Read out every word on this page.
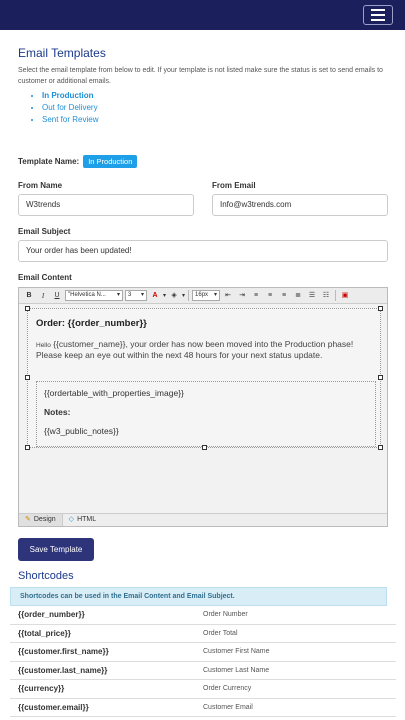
Email Templates
Select the email template from below to edit. If your template is not listed make sure the status is set to send emails to customer or additional emails.
• In Production
• Out for Delivery
• Sent for Review
Template Name:	In Production
From Name
W3trends
From Email
Info@w3trends.com
Email Subject
Your order has been updated!
Email Content
B	I	U	"Helvetica N... ▾ 3 ▾	A ▾ ◈ ▾ 16px ▾	⇤	⇥	≡	≡	≡	≣	☰	☷	▣
Order: {{order_number}}
Hello {{customer_name}}, your order has now been moved into the Production phase! Please keep an eye out within the next 48 hours for your next status update.
{{ordertable_with_properties_image}}
Notes:
{{w3_public_notes}}
✎ Design ◇ HTML
Save Template
Shortcodes
Shortcodes can be used in the Email Content and Email Subject.
{{order_number}}	Order Number
{{total_price}}	Order Total
{{customer.first_name}}	Customer First Name
{{customer.last_name}}	Customer Last Name
{{currency}}	Order Currency
{{customer.email}}	Customer Email
